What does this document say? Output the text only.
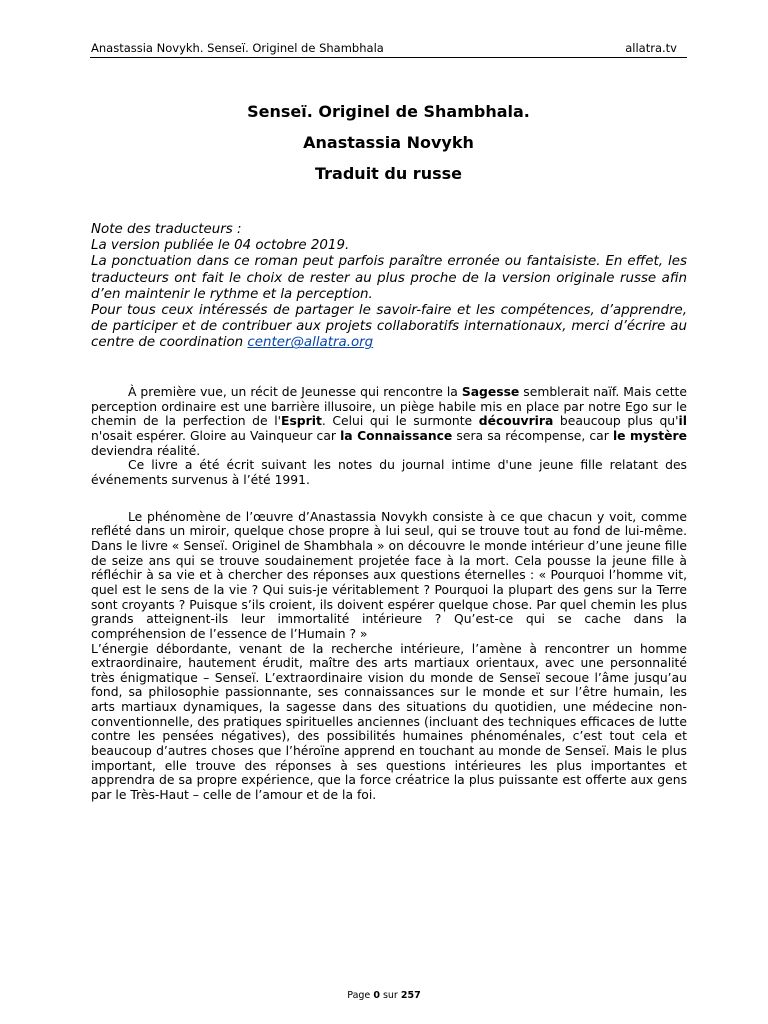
Anastassia Novykh. Senseï. Originel de Shambhala	allatra.tv
Senseï. Originel de Shambhala.
Anastassia Novykh
Traduit du russe
Note des traducteurs :
La version publiée le 04 octobre 2019.
La ponctuation dans ce roman peut parfois paraître erronée ou fantaisiste. En effet, les traducteurs ont fait le choix de rester au plus proche de la version originale russe afin d’en maintenir le rythme et la perception.
Pour tous ceux intéressés de partager le savoir-faire et les compétences, d’apprendre, de participer et de contribuer aux projets collaboratifs internationaux, merci d’écrire au centre de coordination center@allatra.org

À première vue, un récit de Jeunesse qui rencontre la Sagesse semblerait naïf. Mais cette perception ordinaire est une barrière illusoire, un piège habile mis en place par notre Ego sur le chemin de la perfection de l'Esprit. Celui qui le surmonte découvrira beaucoup plus qu'il n'osait espérer. Gloire au Vainqueur car la Connaissance sera sa récompense, car le mystère deviendra réalité.

Ce livre a été écrit suivant les notes du journal intime d'une jeune fille relatant des événements survenus à l’été 1991.

Le phénomène de l’œuvre d’Anastassia Novykh consiste à ce que chacun y voit, comme reflété dans un miroir, quelque chose propre à lui seul, qui se trouve tout au fond de lui-même. Dans le livre « Senseï. Originel de Shambhala » on découvre le monde intérieur d’une jeune fille de seize ans qui se trouve soudainement projetée face à la mort. Cela pousse la jeune fille à réfléchir à sa vie et à chercher des réponses aux questions éternelles : « Pourquoi l’homme vit, quel est le sens de la vie ? Qui suis-je véritablement ? Pourquoi la plupart des gens sur la Terre sont croyants ? Puisque s’ils croient, ils doivent espérer quelque chose. Par quel chemin les plus grands atteignent-ils leur immortalité intérieure ? Qu’est-ce qui se cache dans la compréhension de l’essence de l’Humain ? »

L’énergie débordante, venant de la recherche intérieure, l’amène à rencontrer un homme extraordinaire, hautement érudit, maître des arts martiaux orientaux, avec une personnalité très énigmatique – Senseï. L’extraordinaire vision du monde de Senseï secoue l’âme jusqu’au fond, sa philosophie passionnante, ses connaissances sur le monde et sur l’être humain, les arts martiaux dynamiques, la sagesse dans des situations du quotidien, une médecine non-conventionnelle, des pratiques spirituelles anciennes (incluant des techniques efficaces de lutte contre les pensées négatives), des possibilités humaines phénoménales, c’est tout cela et beaucoup d’autres choses que l’héroïne apprend en touchant au monde de Senseï. Mais le plus important, elle trouve des réponses à ses questions intérieures les plus importantes et apprendra de sa propre expérience, que la force créatrice la plus puissante est offerte aux gens par le Très-Haut – celle de l’amour et de la foi.

Page 0 sur 257
